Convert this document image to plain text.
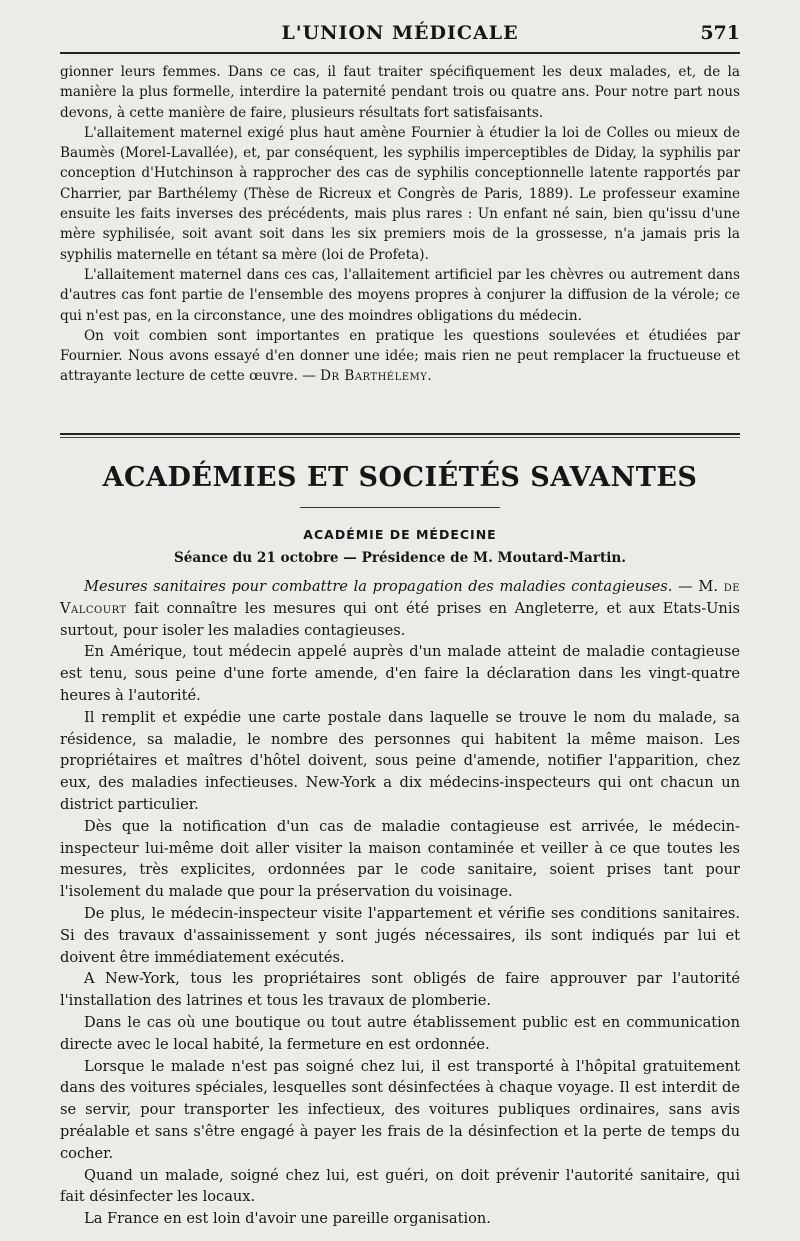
L'UNION MÉDICALE	571

gionner leurs femmes. Dans ce cas, il faut traiter spécifiquement les deux malades, et, de la manière la plus formelle, interdire la paternité pendant trois ou quatre ans. Pour notre part nous devons, à cette manière de faire, plusieurs résultats fort satisfaisants.

L'allaitement maternel exigé plus haut amène Fournier à étudier la loi de Colles ou mieux de Baumès (Morel-Lavallée), et, par conséquent, les syphilis imperceptibles de Diday, la syphilis par conception d'Hutchinson à rapprocher des cas de syphilis conceptionnelle latente rapportés par Charrier, par Barthélemy (Thèse de Ricreux et Congrès de Paris, 1889). Le professeur examine ensuite les faits inverses des précédents, mais plus rares : Un enfant né sain, bien qu'issu d'une mère syphilisée, soit avant soit dans les six premiers mois de la grossesse, n'a jamais pris la syphilis maternelle en tétant sa mère (loi de Profeta).

L'allaitement maternel dans ces cas, l'allaitement artificiel par les chèvres ou autrement dans d'autres cas font partie de l'ensemble des moyens propres à conjurer la diffusion de la vérole; ce qui n'est pas, en la circonstance, une des moindres obligations du médecin.

On voit combien sont importantes en pratique les questions soulevées et étudiées par Fournier. Nous avons essayé d'en donner une idée; mais rien ne peut remplacer la fructueuse et attrayante lecture de cette œuvre. — Dr Barthélemy.

ACADÉMIES ET SOCIÉTÉS SAVANTES
ACADÉMIE DE MÉDECINE
Séance du 21 octobre — Présidence de M. Moutard-Martin.

Mesures sanitaires pour combattre la propagation des maladies contagieuses. — M. de Valcourt fait connaître les mesures qui ont été prises en Angleterre, et aux Etats-Unis surtout, pour isoler les maladies contagieuses.

En Amérique, tout médecin appelé auprès d'un malade atteint de maladie contagieuse est tenu, sous peine d'une forte amende, d'en faire la déclaration dans les vingt-quatre heures à l'autorité.

Il remplit et expédie une carte postale dans laquelle se trouve le nom du malade, sa résidence, sa maladie, le nombre des personnes qui habitent la même maison. Les propriétaires et maîtres d'hôtel doivent, sous peine d'amende, notifier l'apparition, chez eux, des maladies infectieuses. New-York a dix médecins-inspecteurs qui ont chacun un district particulier.

Dès que la notification d'un cas de maladie contagieuse est arrivée, le médecin-inspecteur lui-même doit aller visiter la maison contaminée et veiller à ce que toutes les mesures, très explicites, ordonnées par le code sanitaire, soient prises tant pour l'isolement du malade que pour la préservation du voisinage.

De plus, le médecin-inspecteur visite l'appartement et vérifie ses conditions sanitaires. Si des travaux d'assainissement y sont jugés nécessaires, ils sont indiqués par lui et doivent être immédiatement exécutés.

A New-York, tous les propriétaires sont obligés de faire approuver par l'autorité l'installation des latrines et tous les travaux de plomberie.

Dans le cas où une boutique ou tout autre établissement public est en communication directe avec le local habité, la fermeture en est ordonnée.

Lorsque le malade n'est pas soigné chez lui, il est transporté à l'hôpital gratuitement dans des voitures spéciales, lesquelles sont désinfectées à chaque voyage. Il est interdit de se servir, pour transporter les infectieux, des voitures publiques ordinaires, sans avis préalable et sans s'être engagé à payer les frais de la désinfection et la perte de temps du cocher.

Quand un malade, soigné chez lui, est guéri, on doit prévenir l'autorité sanitaire, qui fait désinfecter les locaux.

La France en est loin d'avoir une pareille organisation.
